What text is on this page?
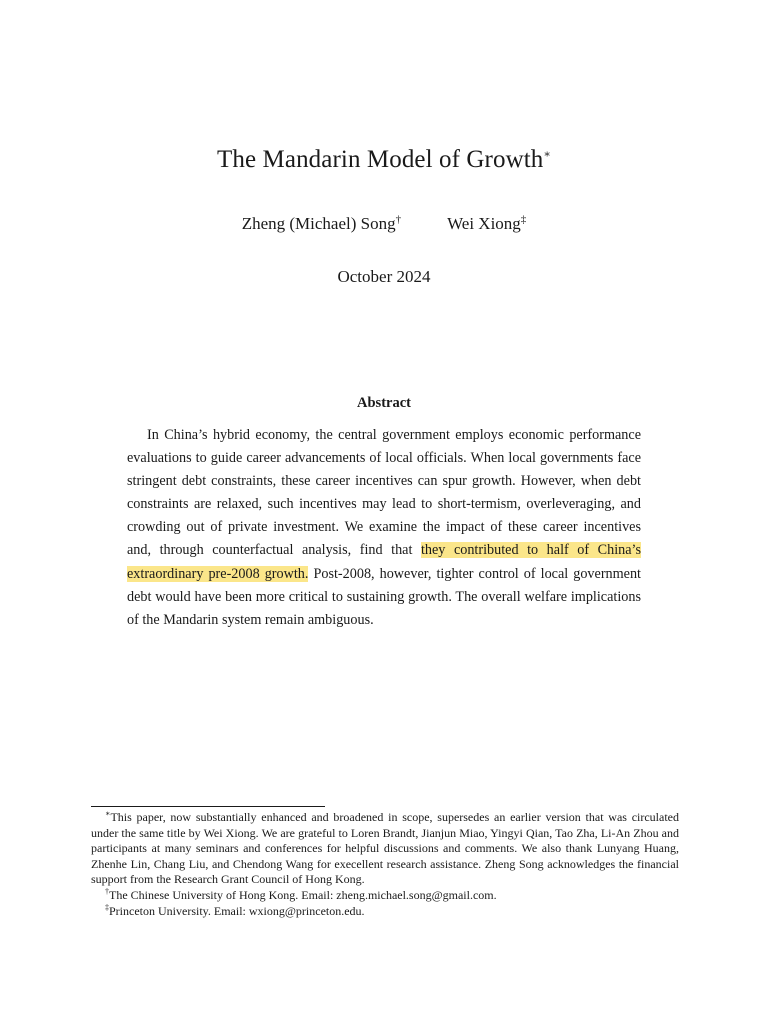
The Mandarin Model of Growth∗
Zheng (Michael) Song†	Wei Xiong‡
October 2024
Abstract
In China’s hybrid economy, the central government employs economic performance evaluations to guide career advancements of local officials. When local governments face stringent debt constraints, these career incentives can spur growth. However, when debt constraints are relaxed, such incentives may lead to short-termism, overleveraging, and crowding out of private investment. We examine the impact of these career incentives and, through counterfactual analysis, find that they contributed to half of China’s extraordinary pre-2008 growth. Post-2008, however, tighter control of local government debt would have been more critical to sustaining growth. The overall welfare implications of the Mandarin system remain ambiguous.

∗This paper, now substantially enhanced and broadened in scope, supersedes an earlier version that was circulated under the same title by Wei Xiong. We are grateful to Loren Brandt, Jianjun Miao, Yingyi Qian, Tao Zha, Li-An Zhou and participants at many seminars and conferences for helpful discussions and comments. We also thank Lunyang Huang, Zhenhe Lin, Chang Liu, and Chendong Wang for execellent research assistance. Zheng Song acknowledges the financial support from the Research Grant Council of Hong Kong.

†The Chinese University of Hong Kong. Email: zheng.michael.song@gmail.com.

‡Princeton University. Email: wxiong@princeton.edu.
